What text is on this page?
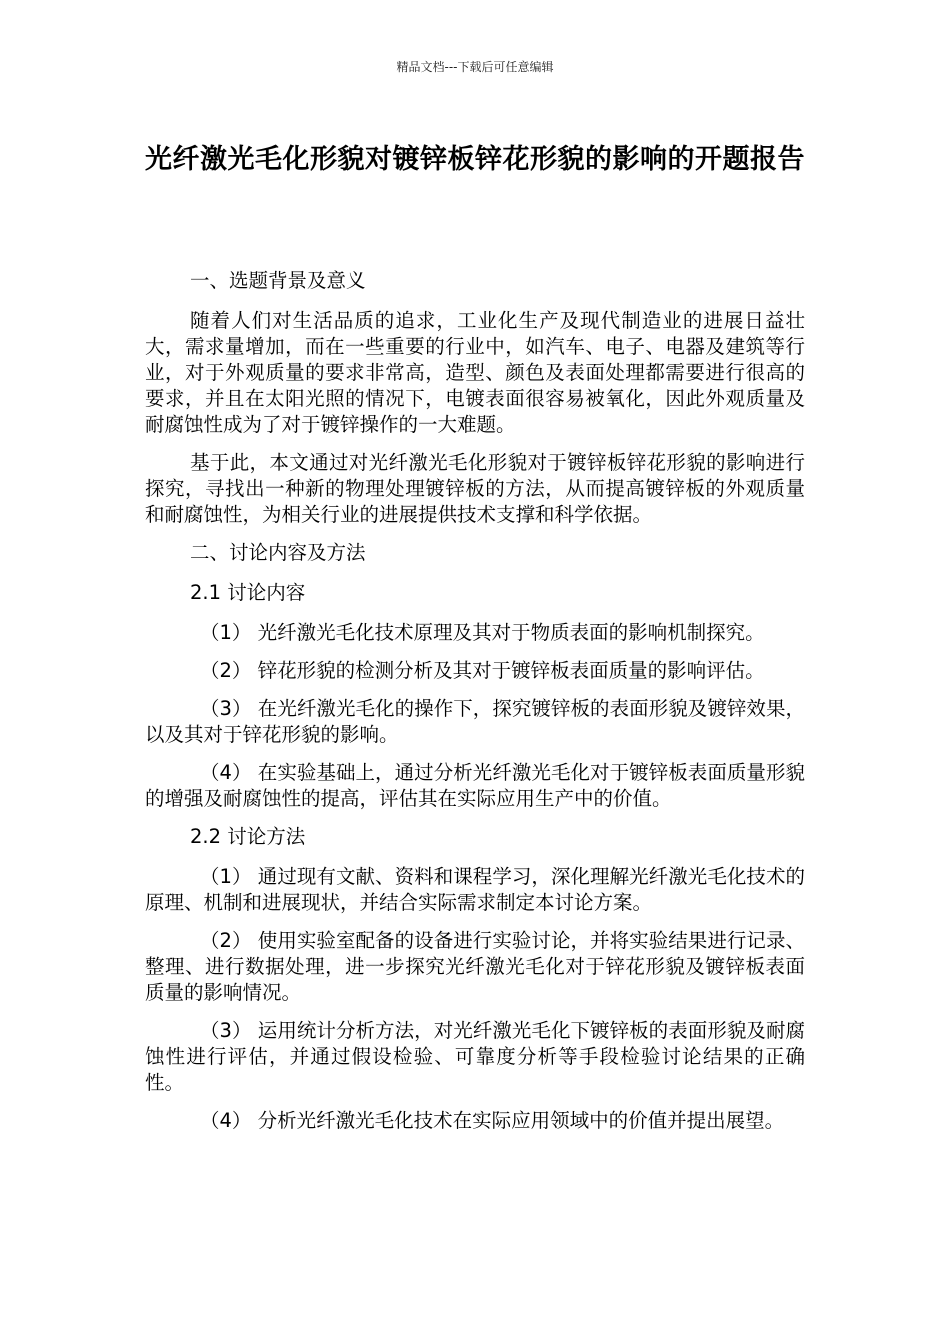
精品文档---下载后可任意编辑
光纤激光毛化形貌对镀锌板锌花形貌的影响的开题报告

一、选题背景及意义

随着人们对生活品质的追求，工业化生产及现代制造业的进展日益壮大，需求量增加，而在一些重要的行业中，如汽车、电子、电器及建筑等行业，对于外观质量的要求非常高，造型、颜色及表面处理都需要进行很高的要求，并且在太阳光照的情况下，电镀表面很容易被氧化，因此外观质量及耐腐蚀性成为了对于镀锌操作的一大难题。

基于此，本文通过对光纤激光毛化形貌对于镀锌板锌花形貌的影响进行探究，寻找出一种新的物理处理镀锌板的方法，从而提高镀锌板的外观质量和耐腐蚀性，为相关行业的进展提供技术支撑和科学依据。

二、讨论内容及方法

2.1 讨论内容

（1） 光纤激光毛化技术原理及其对于物质表面的影响机制探究。

（2） 锌花形貌的检测分析及其对于镀锌板表面质量的影响评估。

（3） 在光纤激光毛化的操作下，探究镀锌板的表面形貌及镀锌效果，以及其对于锌花形貌的影响。

（4） 在实验基础上，通过分析光纤激光毛化对于镀锌板表面质量形貌的增强及耐腐蚀性的提高，评估其在实际应用生产中的价值。

2.2 讨论方法

（1） 通过现有文献、资料和课程学习，深化理解光纤激光毛化技术的原理、机制和进展现状，并结合实际需求制定本讨论方案。

（2） 使用实验室配备的设备进行实验讨论，并将实验结果进行记录、整理、进行数据处理，进一步探究光纤激光毛化对于锌花形貌及镀锌板表面质量的影响情况。

（3） 运用统计分析方法，对光纤激光毛化下镀锌板的表面形貌及耐腐蚀性进行评估，并通过假设检验、可靠度分析等手段检验讨论结果的正确性。

（4） 分析光纤激光毛化技术在实际应用领域中的价值并提出展望。
